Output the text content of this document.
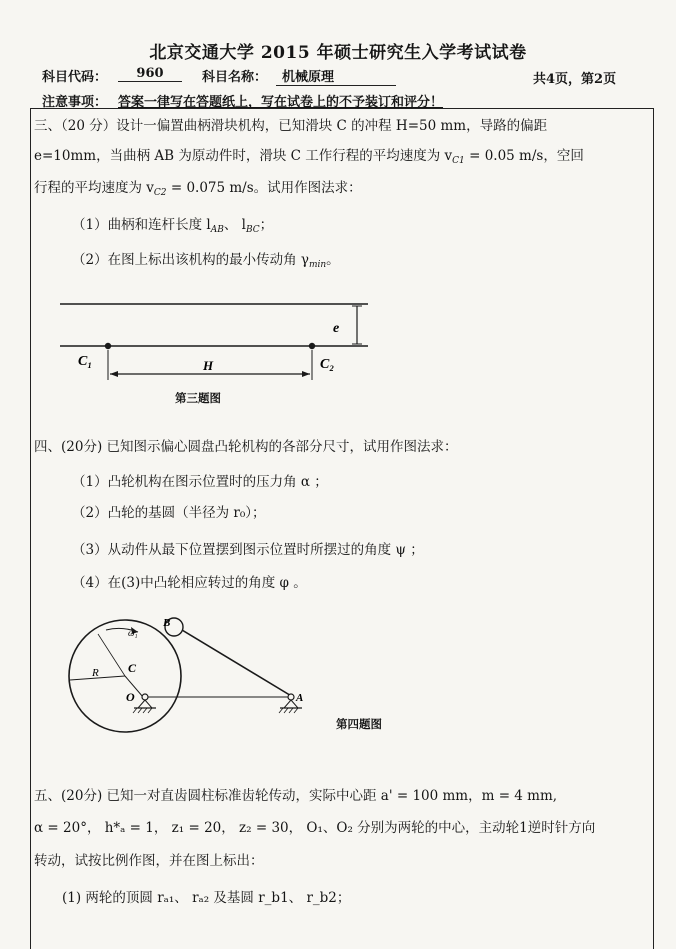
北京交通大学 2015 年硕士研究生入学考试试卷
科目代码：	960	科目名称：	机械原理	共4页，第2页
注意事项： 答案一律写在答题纸上，写在试卷上的不予装订和评分！
三、（20 分）设计一偏置曲柄滑块机构，已知滑块 C 的冲程 H=50 mm，导路的偏距
e=10mm，当曲柄 AB 为原动件时，滑块 C 工作行程的平均速度为 $v_{C1} = 0.05$ m/s，空回
行程的平均速度为 $v_{C2} = 0.075$ m/s。试用作图法求：
（1）曲柄和连杆长度 $l_{AB}$、 $l_{BC}$；
（2）在图上标出该机构的最小传动角 $\gamma_{min}$。
e
C₁	C₂
H
第三题图
四、(20分) 已知图示偏心圆盘凸轮机构的各部分尺寸，试用作图法求：
（1）凸轮机构在图示位置时的压力角 α ；
（2）凸轮的基圆（半径为 r₀）；
（3）从动件从最下位置摆到图示位置时所摆过的角度 ψ ；
（4）在(3)中凸轮相应转过的角度 φ 。
ω₁
B
R C
O	A
第四题图
五、(20分) 已知一对直齿圆柱标准齿轮传动，实际中心距 a' = 100 mm，m = 4 mm,
α = 20°， h*ₐ = 1， z₁ = 20， z₂ = 30， O₁、O₂ 分别为两轮的中心，主动轮1逆时针方向
转动，试按比例作图，并在图上标出：
(1) 两轮的顶圆 rₐ₁、 rₐ₂ 及基圆 r_b1、 r_b2；
